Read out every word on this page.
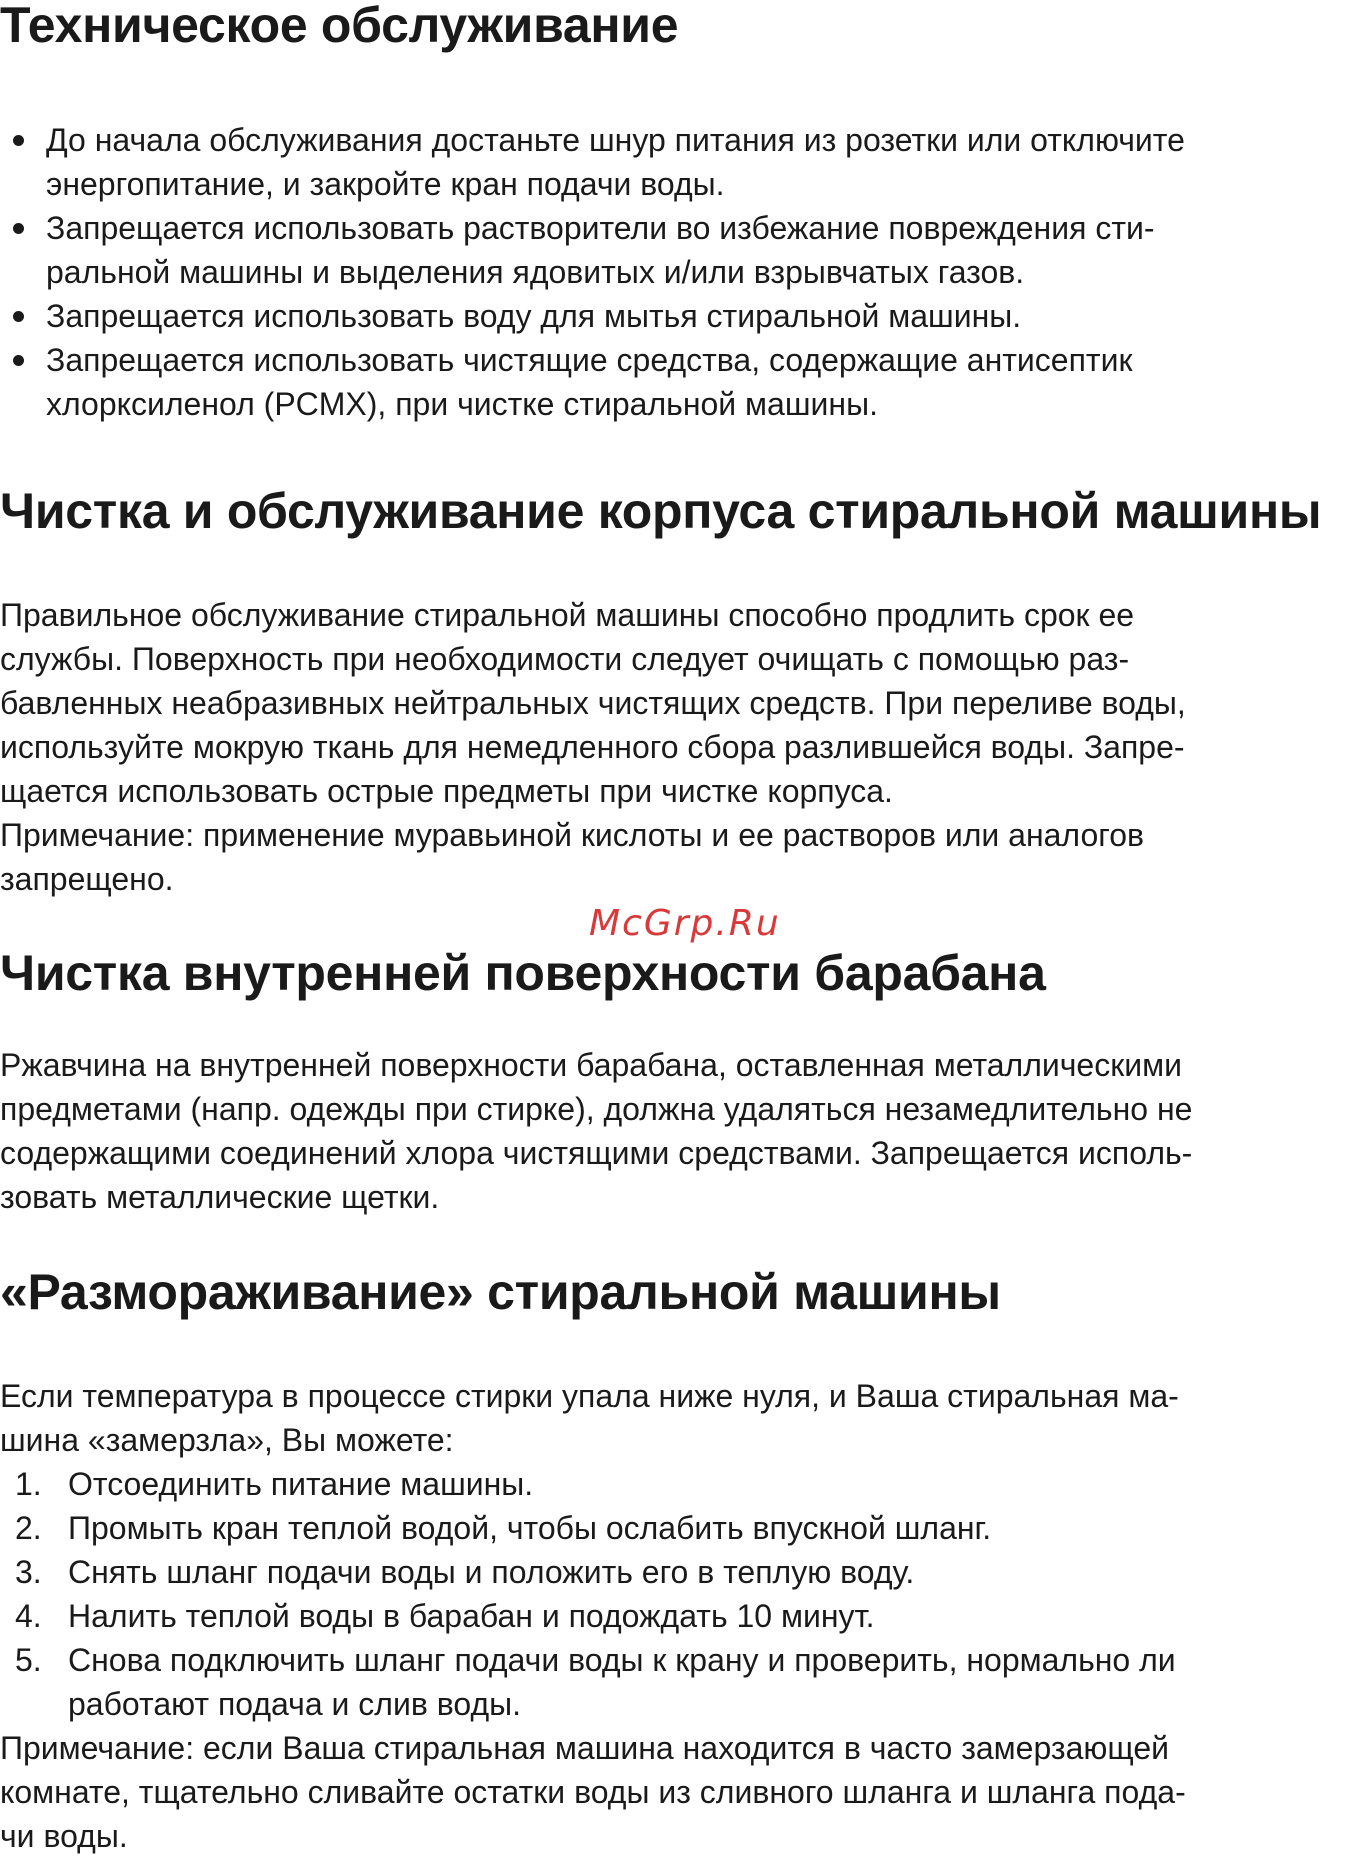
Техническое обслуживание
До начала обслуживания достаньте шнур питания из розетки или отключите
энергопитание, и закройте кран подачи воды.
Запрещается использовать растворители во избежание повреждения сти-
ральной машины и выделения ядовитых и/или взрывчатых газов.
Запрещается использовать воду для мытья стиральной машины.
Запрещается использовать чистящие средства, содержащие антисептик
хлорксиленол (PCMX), при чистке стиральной машины.
Чистка и обслуживание корпуса стиральной машины
Правильное обслуживание стиральной машины способно продлить срок ее
службы. Поверхность при необходимости следует очищать с помощью раз-
бавленных неабразивных нейтральных чистящих средств. При переливе воды,
используйте мокрую ткань для немедленного сбора разлившейся воды. Запре-
щается использовать острые предметы при чистке корпуса.
Примечание: применение муравьиной кислоты и ее растворов или аналогов
запрещено.
McGrp.Ru
Чистка внутренней поверхности барабана
Ржавчина на внутренней поверхности барабана, оставленная металлическими
предметами (напр. одежды при стирке), должна удаляться незамедлительно не
содержащими соединений хлора чистящими средствами. Запрещается исполь-
зовать металлические щетки.
«Размораживание» стиральной машины
Если температура в процессе стирки упала ниже нуля, и Ваша стиральная ма-
шина «замерзла», Вы можете:
1. Отсоединить питание машины.
2. Промыть кран теплой водой, чтобы ослабить впускной шланг.
3. Снять шланг подачи воды и положить его в теплую воду.
4. Налить теплой воды в барабан и подождать 10 минут.
5. Снова подключить шланг подачи воды к крану и проверить, нормально ли
работают подача и слив воды.
Примечание: если Ваша стиральная машина находится в часто замерзающей
комнате, тщательно сливайте остатки воды из сливного шланга и шланга пода-
чи воды.
